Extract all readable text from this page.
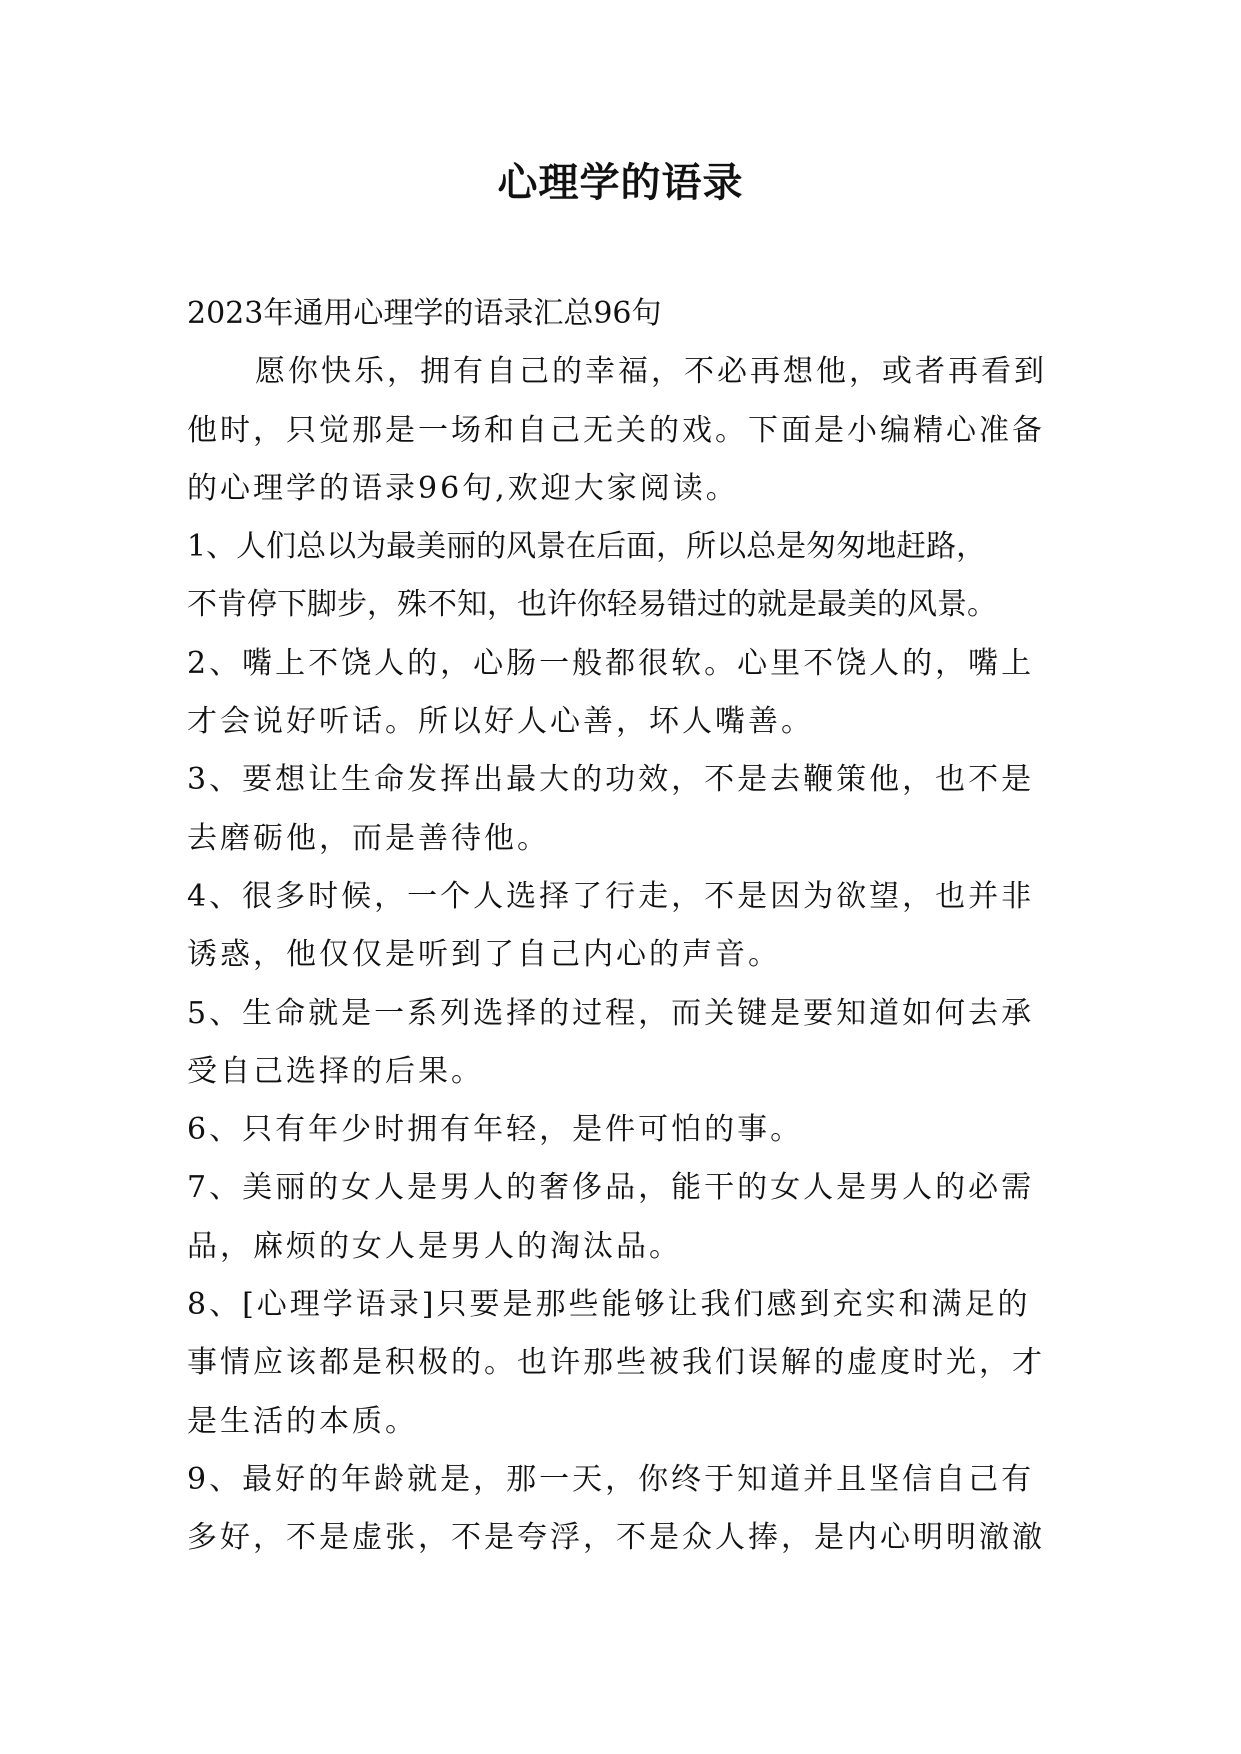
心理学的语录
2023年通用心理学的语录汇总96句
愿你快乐，拥有自己的幸福，不必再想他，或者再看到
他时，只觉那是一场和自己无关的戏。下面是小编精心准备
的心理学的语录96句,欢迎大家阅读。
1、人们总以为最美丽的风景在后面，所以总是匆匆地赶路，
不肯停下脚步，殊不知，也许你轻易错过的就是最美的风景。
2、嘴上不饶人的，心肠一般都很软。心里不饶人的，嘴上
才会说好听话。所以好人心善，坏人嘴善。
3、要想让生命发挥出最大的功效，不是去鞭策他，也不是
去磨砺他，而是善待他。
4、很多时候，一个人选择了行走，不是因为欲望，也并非
诱惑，他仅仅是听到了自己内心的声音。
5、生命就是一系列选择的过程，而关键是要知道如何去承
受自己选择的后果。
6、只有年少时拥有年轻，是件可怕的事。
7、美丽的女人是男人的奢侈品，能干的女人是男人的必需
品，麻烦的女人是男人的淘汰品。
8、[心理学语录]只要是那些能够让我们感到充实和满足的
事情应该都是积极的。也许那些被我们误解的虚度时光，才
是生活的本质。
9、最好的年龄就是，那一天，你终于知道并且坚信自己有
多好，不是虚张，不是夸浮，不是众人捧，是内心明明澈澈
